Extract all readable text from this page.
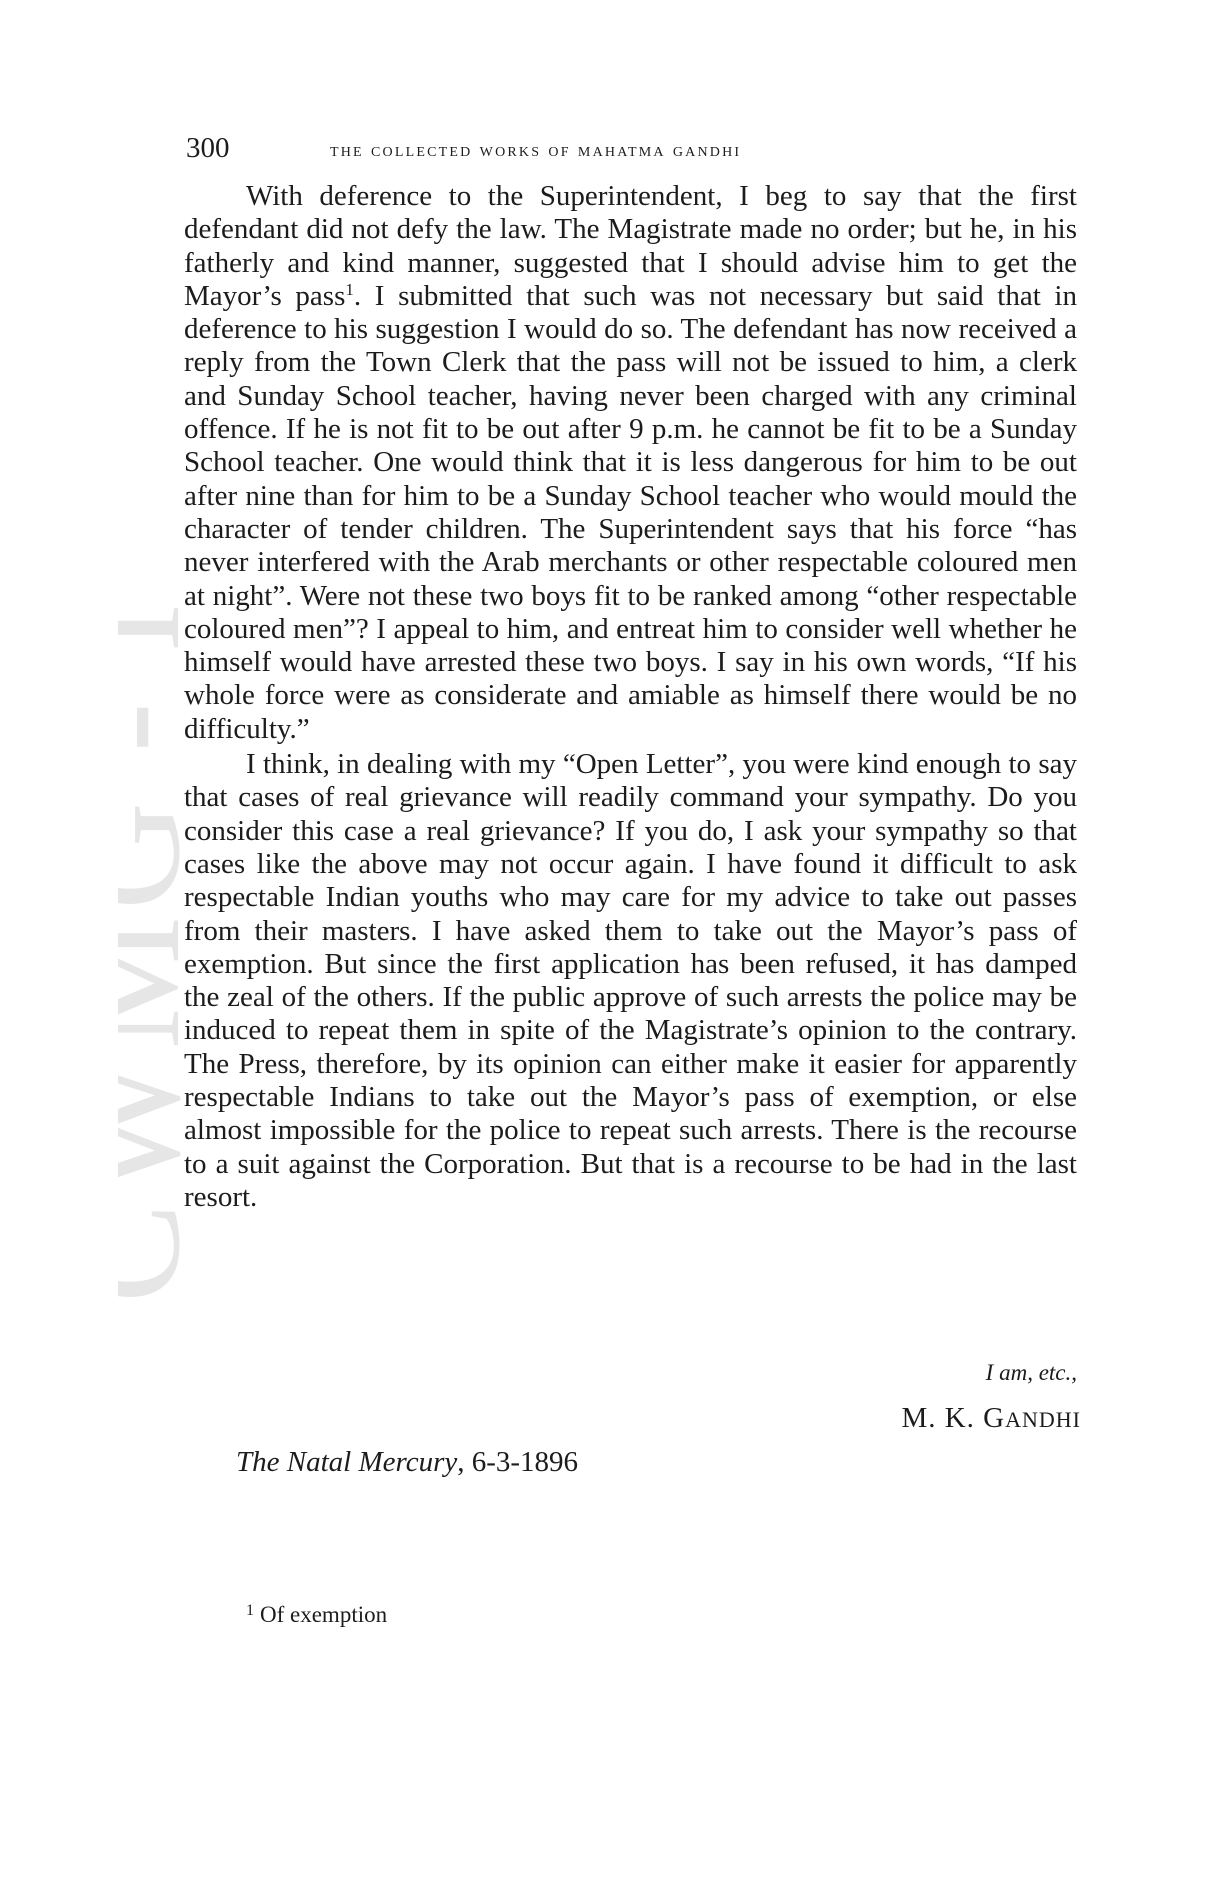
CWMG
300	the collected works of mahatma gandhi

With deference to the Superintendent, I beg to say that the first defendant did not defy the law. The Magistrate made no order; but he, in his fatherly and kind manner, suggested that I should advise him to get the Mayor’s pass$^1$. I submitted that such was not necessary but said that in deference to his suggestion I would do so. The defendant has now received a reply from the Town Clerk that the pass will not be issued to him, a clerk and Sunday School teacher, having never been charged with any criminal offence. If he is not fit to be out after 9 p.m. he cannot be fit to be a Sunday School teacher. One would think that it is less dangerous for him to be out after nine than for him to be a Sunday School teacher who would mould the character of tender children. The Superintendent says that his force “has never interfered with the Arab merchants or other respectable coloured men at night”. Were not these two boys fit to be ranked among “other respectable coloured men”? I appeal to him, and entreat him to consider well whether he himself would have arrested these two boys. I say in his own words, “If his whole force were as considerate and amiable as himself there would be no difficulty.”

I think, in dealing with my “Open Letter”, you were kind enough to say that cases of real grievance will readily command your sympathy. Do you consider this case a real grievance? If you do, I ask your sympathy so that cases like the above may not occur again. I have found it difficult to ask respectable Indian youths who may care for my advice to take out passes from their masters. I have asked them to take out the Mayor’s pass of exemption. But since the first application has been refused, it has damped the zeal of the others. If the public approve of such arrests the police may be induced to repeat them in spite of the Magistrate’s opinion to the contrary. The Press, therefore, by its opinion can either make it easier for apparently respectable Indians to take out the Mayor’s pass of exemption, or else almost impossible for the police to repeat such arrests. There is the recourse to a suit against the Corporation. But that is a recourse to be had in the last resort.

I am, etc.,
M. K. GANDHI
The Natal Mercury, 6-3-1896
$^1$ Of exemption
